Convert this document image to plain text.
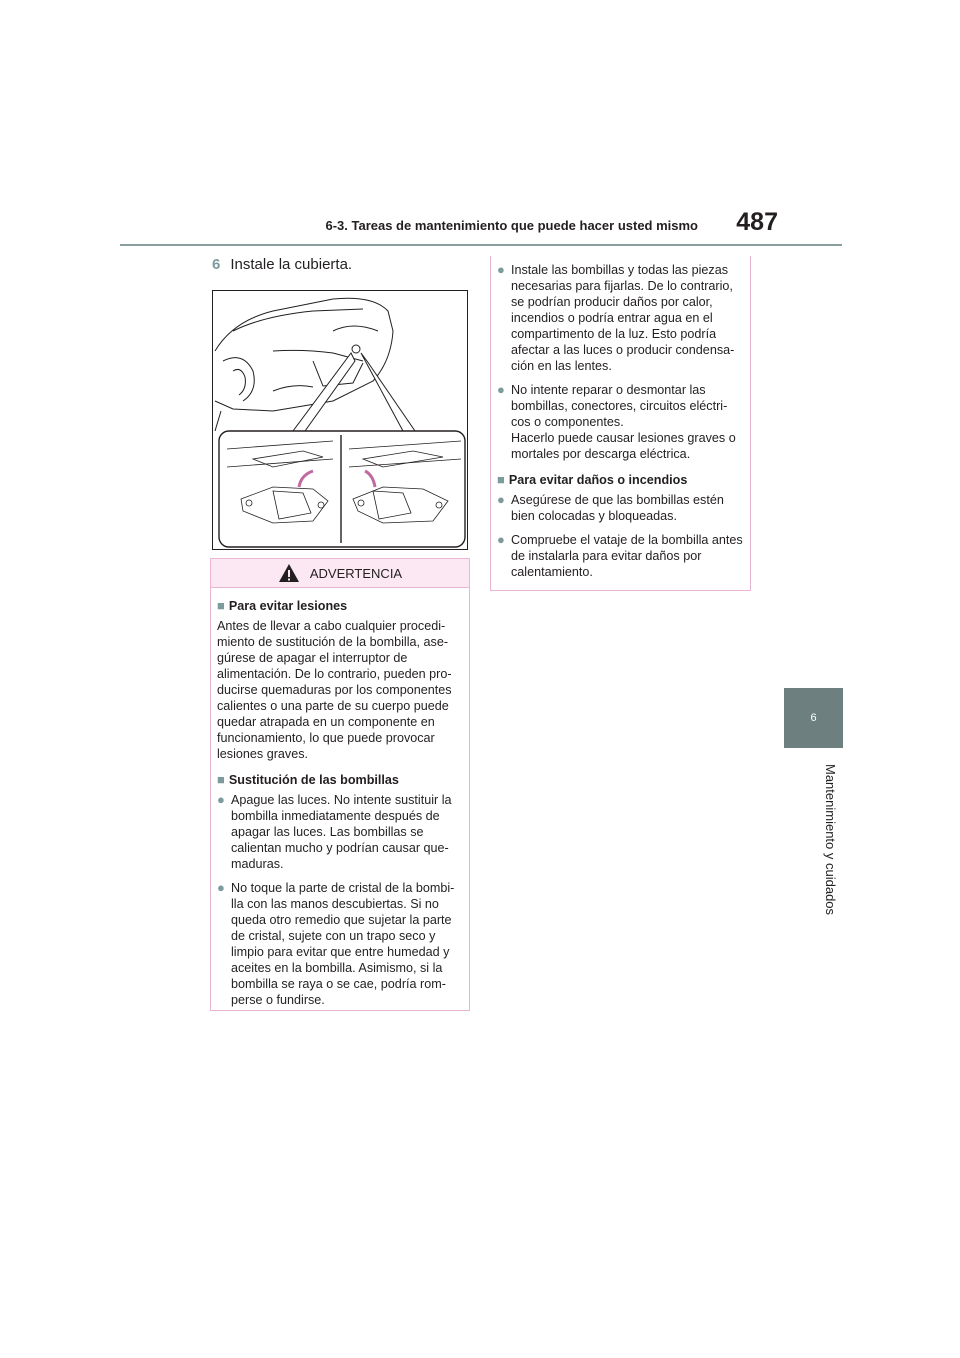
6-3. Tareas de mantenimiento que puede hacer usted mismo	487
6
Mantenimiento y cuidados
6 Instale la cubierta.
ADVERTENCIA
■ Para evitar lesiones
Antes de llevar a cabo cualquier procedi-miento de sustitución de la bombilla, ase-gúrese de apagar el interruptor de alimentación. De lo contrario, pueden pro-ducirse quemaduras por los componentes calientes o una parte de su cuerpo puede quedar atrapada en un componente en funcionamiento, lo que puede provocar lesiones graves.
■ Sustitución de las bombillas
● Apague las luces. No intente sustituir la bombilla inmediatamente después de apagar las luces. Las bombillas se calientan mucho y podrían causar que-maduras.
● No toque la parte de cristal de la bombi-lla con las manos descubiertas. Si no queda otro remedio que sujetar la parte de cristal, sujete con un trapo seco y limpio para evitar que entre humedad y aceites en la bombilla. Asimismo, si la bombilla se raya o se cae, podría rom-perse o fundirse.
● Instale las bombillas y todas las piezas necesarias para fijarlas. De lo contrario, se podrían producir daños por calor, incendios o podría entrar agua en el compartimento de la luz. Esto podría afectar a las luces o producir condensa-ción en las lentes.
● No intente reparar o desmontar las bombillas, conectores, circuitos eléctri-cos o componentes.
Hacerlo puede causar lesiones graves o mortales por descarga eléctrica.
■ Para evitar daños o incendios
● Asegúrese de que las bombillas estén bien colocadas y bloqueadas.
● Compruebe el vataje de la bombilla antes de instalarla para evitar daños por calentamiento.
